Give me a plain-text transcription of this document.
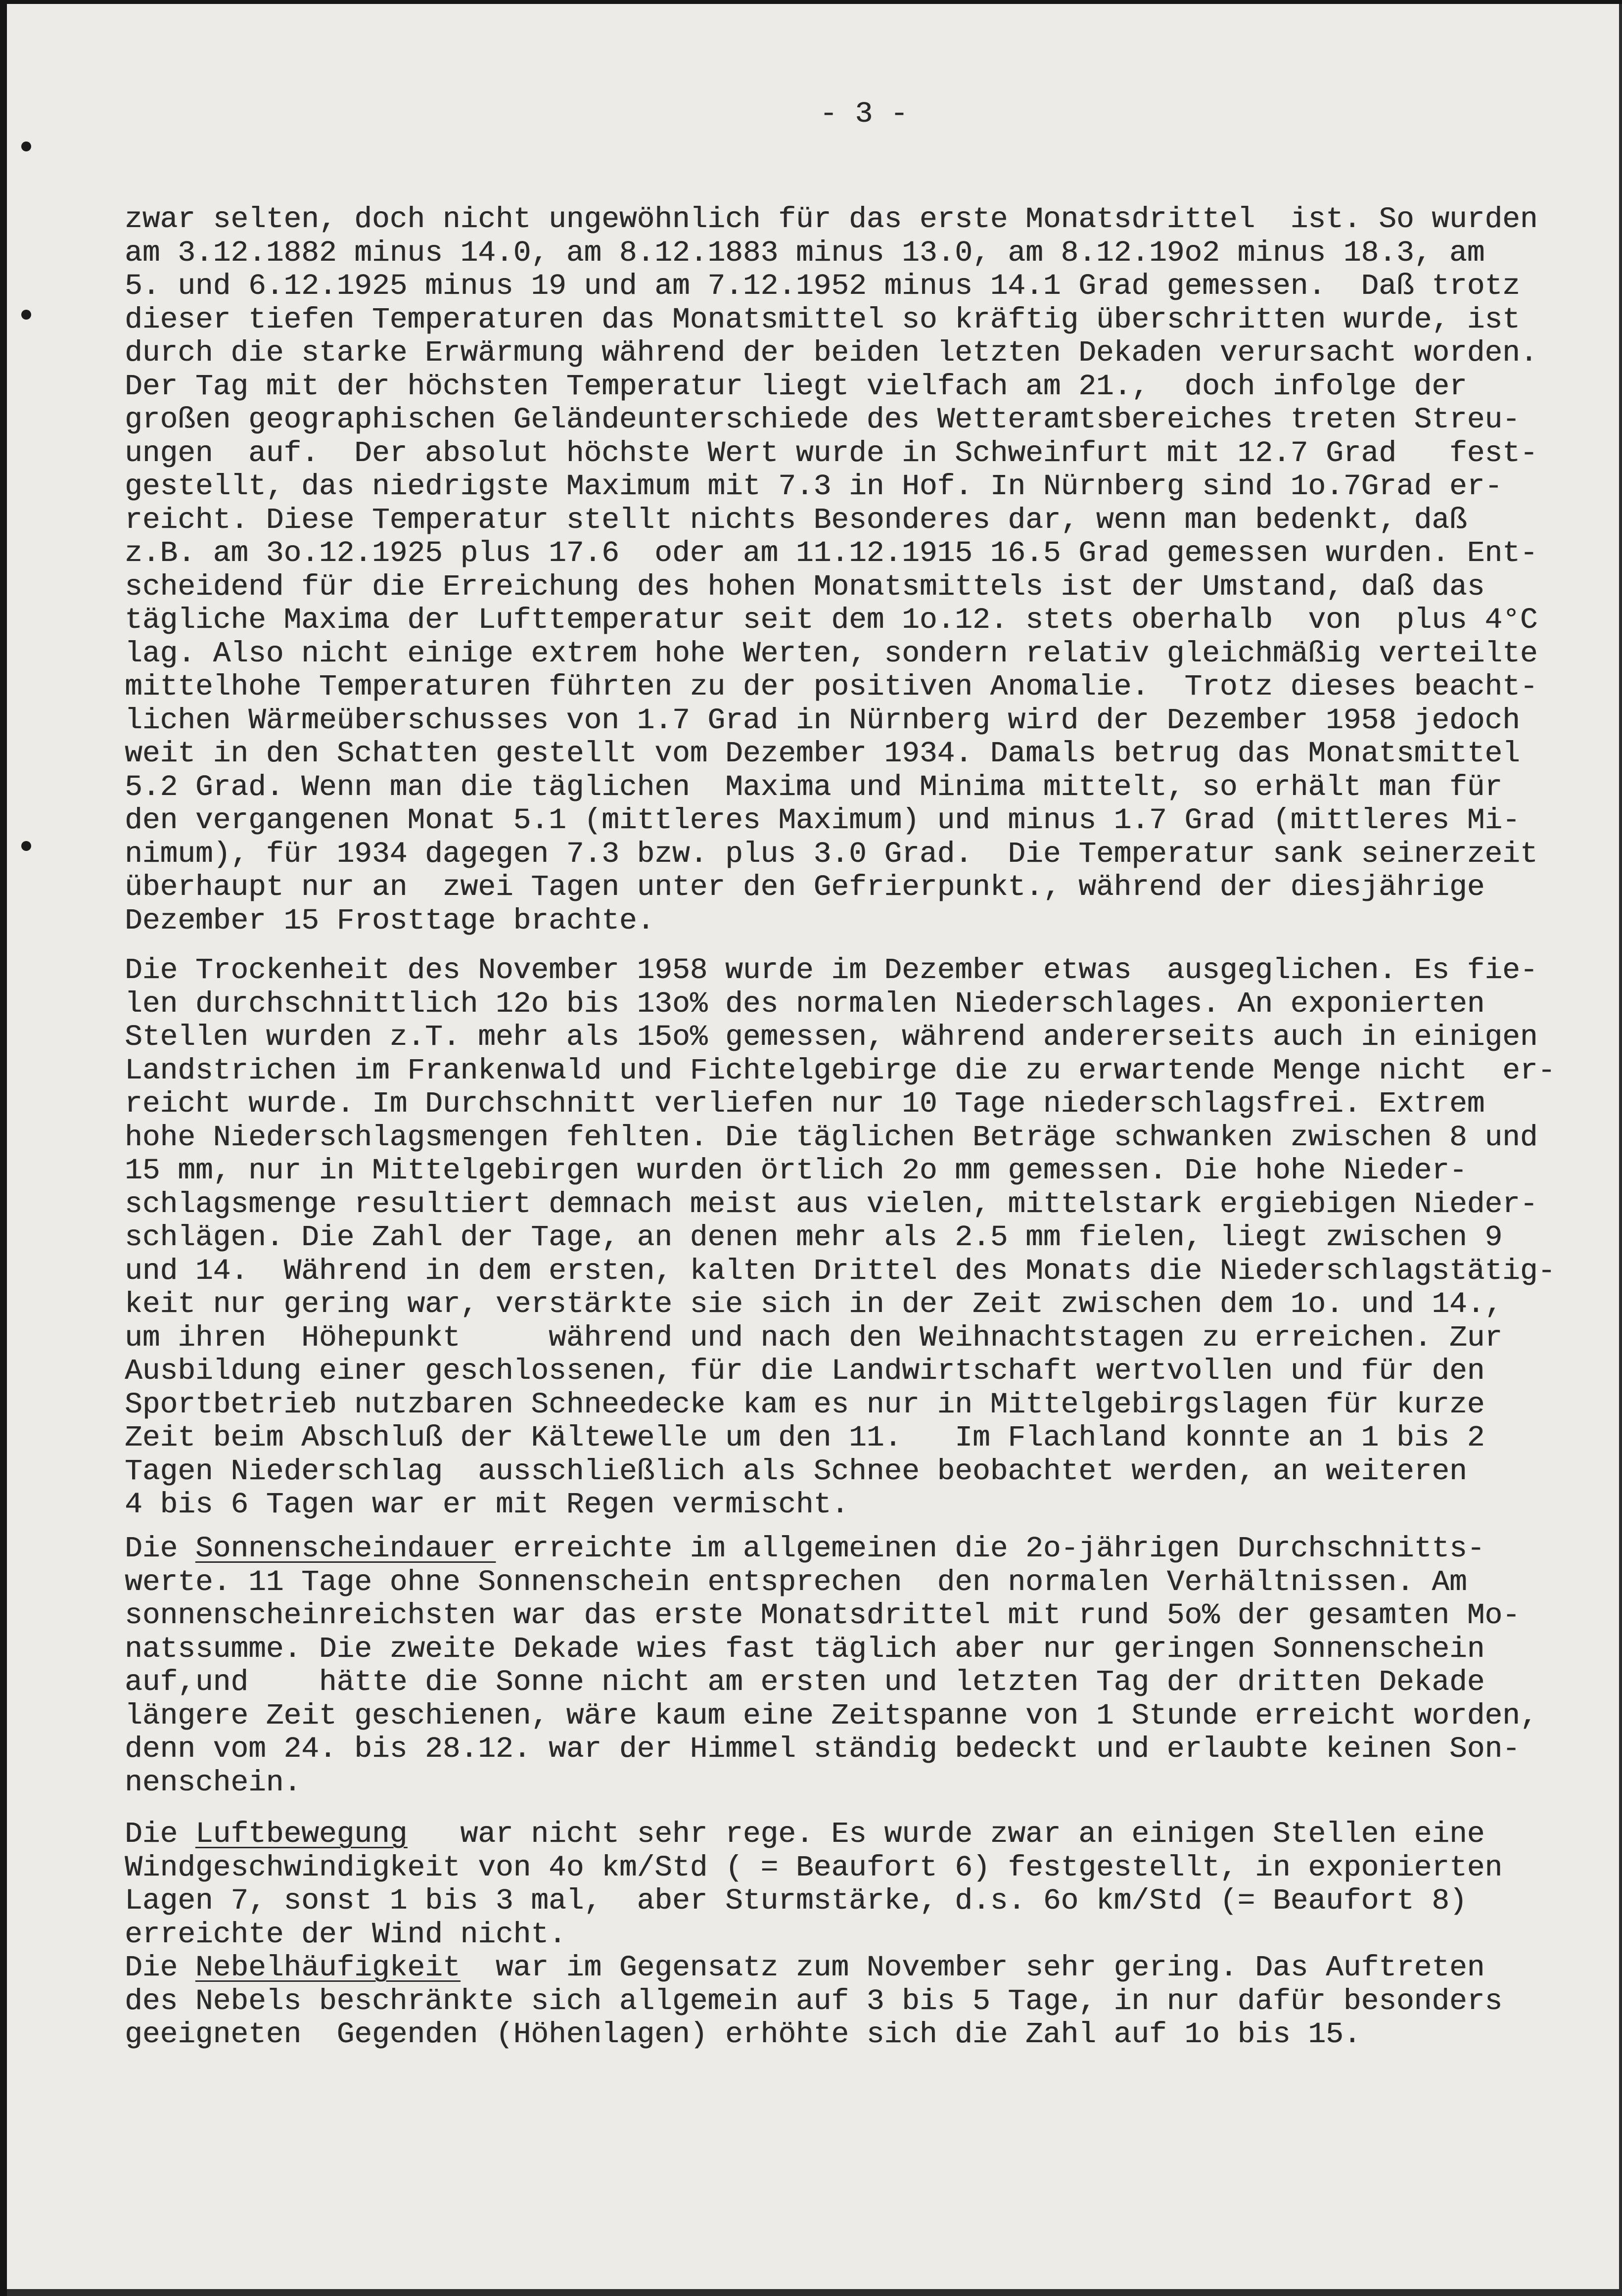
- 3 -
zwar selten, doch nicht ungewöhnlich für das erste Monatsdrittel  ist. So wurden
am 3.12.1882 minus 14.0, am 8.12.1883 minus 13.0, am 8.12.19o2 minus 18.3, am
5. und 6.12.1925 minus 19 und am 7.12.1952 minus 14.1 Grad gemessen.  Daß trotz
dieser tiefen Temperaturen das Monatsmittel so kräftig überschritten wurde, ist
durch die starke Erwärmung während der beiden letzten Dekaden verursacht worden.
Der Tag mit der höchsten Temperatur liegt vielfach am 21.,  doch infolge der
großen geographischen Geländeunterschiede des Wetteramtsbereiches treten Streu-
ungen  auf.  Der absolut höchste Wert wurde in Schweinfurt mit 12.7 Grad   fest-
gestellt, das niedrigste Maximum mit 7.3 in Hof. In Nürnberg sind 1o.7Grad er-
reicht. Diese Temperatur stellt nichts Besonderes dar, wenn man bedenkt, daß
z.B. am 3o.12.1925 plus 17.6  oder am 11.12.1915 16.5 Grad gemessen wurden. Ent-
scheidend für die Erreichung des hohen Monatsmittels ist der Umstand, daß das
tägliche Maxima der Lufttemperatur seit dem 1o.12. stets oberhalb  von  plus 4°C
lag. Also nicht einige extrem hohe Werten, sondern relativ gleichmäßig verteilte
mittelhohe Temperaturen führten zu der positiven Anomalie.  Trotz dieses beacht-
lichen Wärmeüberschusses von 1.7 Grad in Nürnberg wird der Dezember 1958 jedoch
weit in den Schatten gestellt vom Dezember 1934. Damals betrug das Monatsmittel
5.2 Grad. Wenn man die täglichen  Maxima und Minima mittelt, so erhält man für
den vergangenen Monat 5.1 (mittleres Maximum) und minus 1.7 Grad (mittleres Mi-
nimum), für 1934 dagegen 7.3 bzw. plus 3.0 Grad.  Die Temperatur sank seinerzeit
überhaupt nur an  zwei Tagen unter den Gefrierpunkt., während der diesjährige
Dezember 15 Frosttage brachte.
Die Trockenheit des November 1958 wurde im Dezember etwas  ausgeglichen. Es fie-
len durchschnittlich 12o bis 13o% des normalen Niederschlages. An exponierten
Stellen wurden z.T. mehr als 15o% gemessen, während andererseits auch in einigen
Landstrichen im Frankenwald und Fichtelgebirge die zu erwartende Menge nicht  er-
reicht wurde. Im Durchschnitt verliefen nur 10 Tage niederschlagsfrei. Extrem
hohe Niederschlagsmengen fehlten. Die täglichen Beträge schwanken zwischen 8 und
15 mm, nur in Mittelgebirgen wurden örtlich 2o mm gemessen. Die hohe Nieder-
schlagsmenge resultiert demnach meist aus vielen, mittelstark ergiebigen Nieder-
schlägen. Die Zahl der Tage, an denen mehr als 2.5 mm fielen, liegt zwischen 9
und 14.  Während in dem ersten, kalten Drittel des Monats die Niederschlagstätig-
keit nur gering war, verstärkte sie sich in der Zeit zwischen dem 1o. und 14.,
um ihren  Höhepunkt     während und nach den Weihnachtstagen zu erreichen. Zur
Ausbildung einer geschlossenen, für die Landwirtschaft wertvollen und für den
Sportbetrieb nutzbaren Schneedecke kam es nur in Mittelgebirgslagen für kurze
Zeit beim Abschluß der Kältewelle um den 11.   Im Flachland konnte an 1 bis 2
Tagen Niederschlag  ausschließlich als Schnee beobachtet werden, an weiteren
4 bis 6 Tagen war er mit Regen vermischt.
Die Sonnenscheindauer erreichte im allgemeinen die 2o-jährigen Durchschnitts-
werte. 11 Tage ohne Sonnenschein entsprechen  den normalen Verhältnissen. Am
sonnenscheinreichsten war das erste Monatsdrittel mit rund 5o% der gesamten Mo-
natssumme. Die zweite Dekade wies fast täglich aber nur geringen Sonnenschein
auf,und    hätte die Sonne nicht am ersten und letzten Tag der dritten Dekade
längere Zeit geschienen, wäre kaum eine Zeitspanne von 1 Stunde erreicht worden,
denn vom 24. bis 28.12. war der Himmel ständig bedeckt und erlaubte keinen Son-
nenschein.
Die Luftbewegung   war nicht sehr rege. Es wurde zwar an einigen Stellen eine
Windgeschwindigkeit von 4o km/Std ( = Beaufort 6) festgestellt, in exponierten
Lagen 7, sonst 1 bis 3 mal,  aber Sturmstärke, d.s. 6o km/Std (= Beaufort 8)
erreichte der Wind nicht.
Die Nebelhäufigkeit  war im Gegensatz zum November sehr gering. Das Auftreten
des Nebels beschränkte sich allgemein auf 3 bis 5 Tage, in nur dafür besonders
geeigneten  Gegenden (Höhenlagen) erhöhte sich die Zahl auf 1o bis 15.
